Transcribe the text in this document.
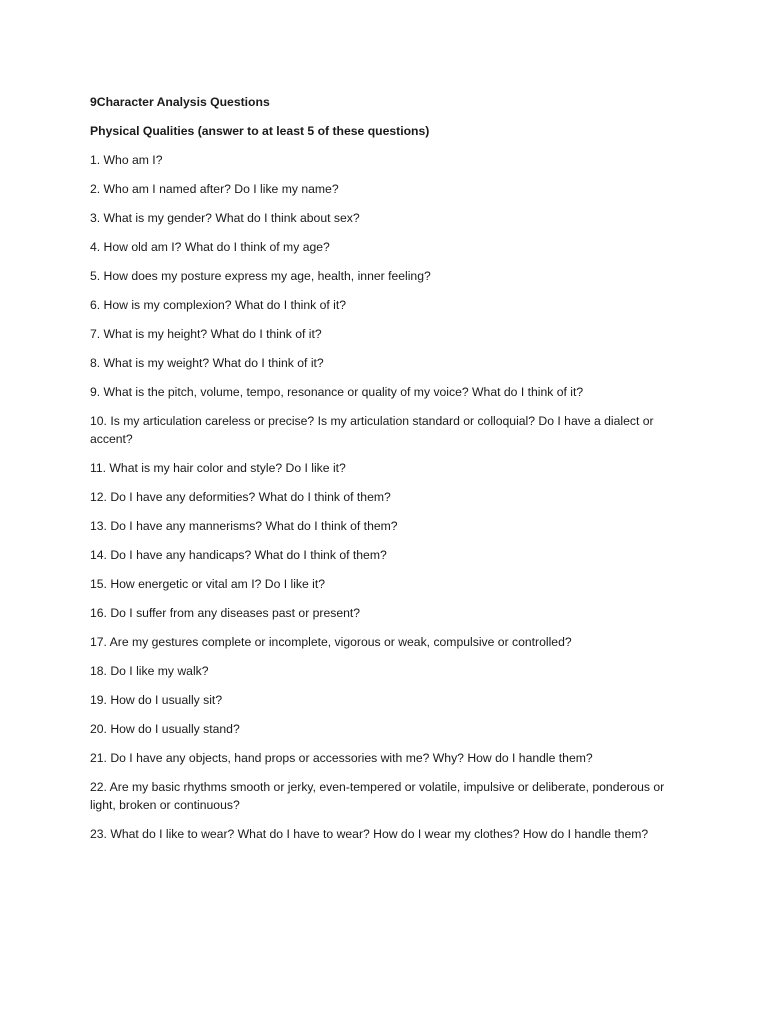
9Character Analysis Questions
Physical Qualities (answer to at least 5 of these questions)
1. Who am I?
2. Who am I named after? Do I like my name?
3. What is my gender? What do I think about sex?
4. How old am I? What do I think of my age?
5. How does my posture express my age, health, inner feeling?
6. How is my complexion? What do I think of it?
7. What is my height? What do I think of it?
8. What is my weight? What do I think of it?
9. What is the pitch, volume, tempo, resonance or quality of my voice? What do I think of it?
10. Is my articulation careless or precise? Is my articulation standard or colloquial? Do I have a dialect or accent?
11. What is my hair color and style? Do I like it?
12. Do I have any deformities? What do I think of them?
13. Do I have any mannerisms? What do I think of them?
14. Do I have any handicaps? What do I think of them?
15. How energetic or vital am I? Do I like it?
16. Do I suffer from any diseases past or present?
17. Are my gestures complete or incomplete, vigorous or weak, compulsive or controlled?
18. Do I like my walk?
19. How do I usually sit?
20. How do I usually stand?
21. Do I have any objects, hand props or accessories with me? Why? How do I handle them?
22. Are my basic rhythms smooth or jerky, even-tempered or volatile, impulsive or deliberate, ponderous or light, broken or continuous?
23. What do I like to wear? What do I have to wear? How do I wear my clothes? How do I handle them?
